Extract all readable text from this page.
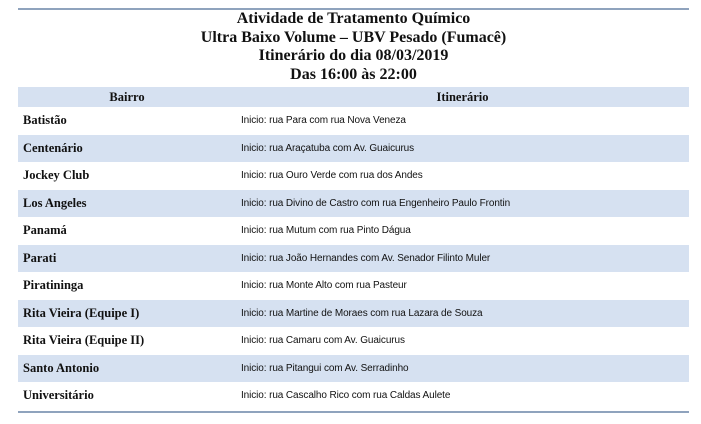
Atividade de Tratamento Químico
Ultra Baixo Volume – UBV Pesado (Fumacê)
Itinerário do dia 08/03/2019
Das 16:00 às 22:00
Bairro	Itinerário
Batistão	Inicio: rua Para com rua Nova Veneza
Centenário	Inicio: rua Araçatuba com Av. Guaicurus
Jockey Club	Inicio: rua Ouro Verde com rua dos Andes
Los Angeles	Inicio: rua Divino de Castro com rua Engenheiro Paulo Frontin
Panamá	Inicio: rua Mutum com rua Pinto Dágua
Parati	Inicio: rua João Hernandes com Av. Senador Filinto Muler
Piratininga	Inicio: rua Monte Alto com rua Pasteur
Rita Vieira (Equipe I)	Inicio: rua Martine de Moraes com rua Lazara de Souza
Rita Vieira (Equipe II)	Inicio: rua Camaru com Av. Guaicurus
Santo Antonio	Inicio: rua Pitangui com Av. Serradinho
Universitário	Inicio: rua Cascalho Rico com rua Caldas Aulete
